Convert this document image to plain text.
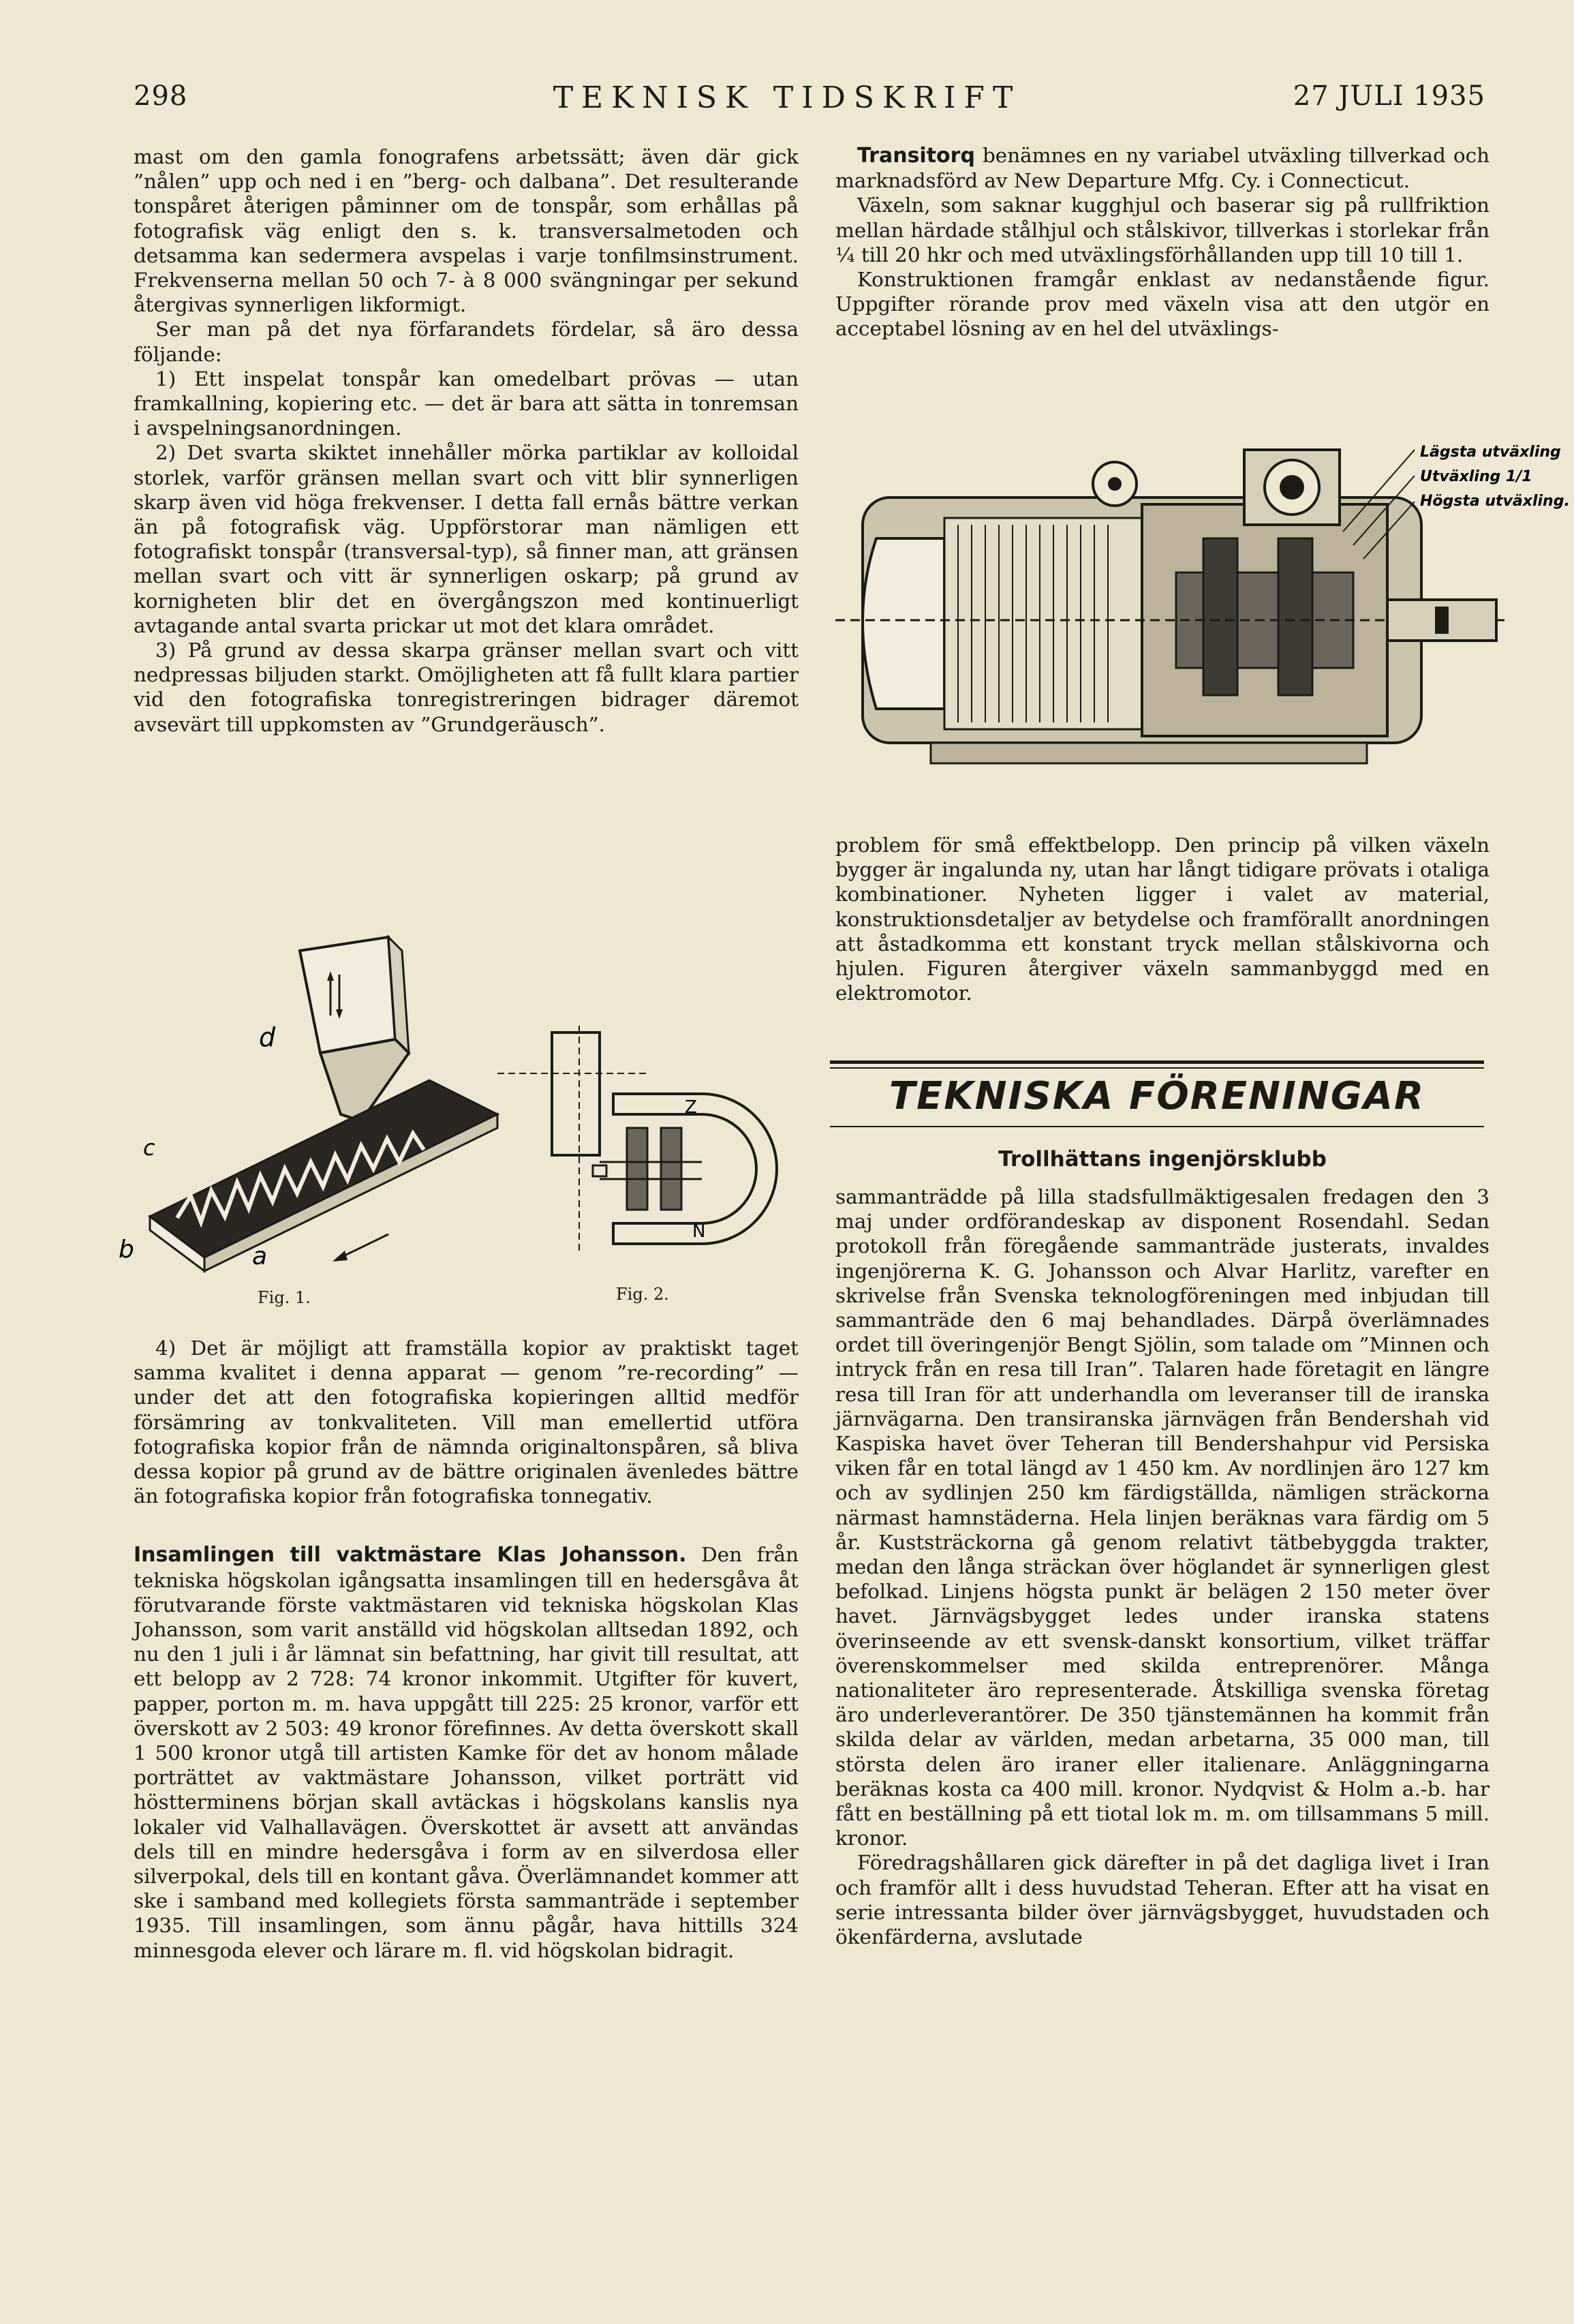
298	TEKNISK TIDSKRIFT	27 JULI 1935

mast om den gamla fonografens arbetssätt; även där gick ”nålen” upp och ned i en ”berg- och dalbana”. Det resulterande tonspåret återigen påminner om de tonspår, som erhållas på fotografisk väg enligt den s. k. transversalmetoden och detsamma kan sedermera avspelas i varje tonfilmsinstrument. Frekvenserna mellan 50 och 7- à 8 000 svängningar per sekund återgivas synnerligen likformigt.

Ser man på det nya förfarandets fördelar, så äro dessa följande:

1) Ett inspelat tonspår kan omedelbart prövas — utan framkallning, kopiering etc. — det är bara att sätta in tonremsan i avspelningsanordningen.

2) Det svarta skiktet innehåller mörka partiklar av kolloidal storlek, varför gränsen mellan svart och vitt blir synnerligen skarp även vid höga frekvenser. I detta fall ernås bättre verkan än på fotografisk väg. Uppförstorar man nämligen ett fotografiskt tonspår (transversal-typ), så finner man, att gränsen mellan svart och vitt är synnerligen oskarp; på grund av kornigheten blir det en övergångszon med kontinuerligt avtagande antal svarta prickar ut mot det klara området.

3) På grund av dessa skarpa gränser mellan svart och vitt nedpressas biljuden starkt. Omöjligheten att få fullt klara partier vid den fotografiska tonregistreringen bidrager däremot avsevärt till uppkomsten av ”Grundgeräusch”.

d
c
b	a
Z
N
Fig. 1.	Fig. 2.

4) Det är möjligt att framställa kopior av praktiskt taget samma kvalitet i denna apparat — genom ”re-recording” — under det att den fotografiska kopieringen alltid medför försämring av tonkvaliteten. Vill man emellertid utföra fotografiska kopior från de nämnda originaltonspåren, så bliva dessa kopior på grund av de bättre originalen ävenledes bättre än fotografiska kopior från fotografiska tonnegativ.

Insamlingen till vaktmästare Klas Johansson. Den från tekniska högskolan igångsatta insamlingen till en hedersgåva åt förutvarande förste vaktmästaren vid tekniska högskolan Klas Johansson, som varit anställd vid högskolan alltsedan 1892, och nu den 1 juli i år lämnat sin befattning, har givit till resultat, att ett belopp av 2 728: 74 kronor inkommit. Utgifter för kuvert, papper, porton m. m. hava uppgått till 225: 25 kronor, varför ett överskott av 2 503: 49 kronor förefinnes. Av detta överskott skall 1 500 kronor utgå till artisten Kamke för det av honom målade porträttet av vaktmästare Johansson, vilket porträtt vid höstterminens början skall avtäckas i högskolans kanslis nya lokaler vid Valhallavägen. Överskottet är avsett att användas dels till en mindre hedersgåva i form av en silverdosa eller silverpokal, dels till en kontant gåva. Överlämnandet kommer att ske i samband med kollegiets första sammanträde i september 1935. Till insamlingen, som ännu pågår, hava hittills 324 minnesgoda elever och lärare m. fl. vid högskolan bidragit.

Transitorq benämnes en ny variabel utväxling tillverkad och marknadsförd av New Departure Mfg. Cy. i Connecticut.

Växeln, som saknar kugghjul och baserar sig på rullfriktion mellan härdade stålhjul och stålskivor, tillverkas i storlekar från ¼ till 20 hkr och med utväxlingsförhållanden upp till 10 till 1.

Konstruktionen framgår enklast av nedanstående figur. Uppgifter rörande prov med växeln visa att den utgör en acceptabel lösning av en hel del utväxlings-

Lägsta utväxling
Utväxling 1/1
Högsta utväxling.

problem för små effektbelopp. Den princip på vilken växeln bygger är ingalunda ny, utan har långt tidigare prövats i otaliga kombinationer. Nyheten ligger i valet av material, konstruktionsdetaljer av betydelse och framförallt anordningen att åstadkomma ett konstant tryck mellan stålskivorna och hjulen. Figuren återgiver växeln sammanbyggd med en elektromotor.

TEKNISKA FÖRENINGAR
Trollhättans ingenjörsklubb

sammanträdde på lilla stadsfullmäktigesalen fredagen den 3 maj under ordförandeskap av disponent Rosendahl. Sedan protokoll från föregående sammanträde justerats, invaldes ingenjörerna K. G. Johansson och Alvar Harlitz, varefter en skrivelse från Svenska teknologföreningen med inbjudan till sammanträde den 6 maj behandlades. Därpå överlämnades ordet till överingenjör Bengt Sjölin, som talade om ”Minnen och intryck från en resa till Iran”. Talaren hade företagit en längre resa till Iran för att underhandla om leveranser till de iranska järnvägarna. Den transiranska järnvägen från Bendershah vid Kaspiska havet över Teheran till Bendershahpur vid Persiska viken får en total längd av 1 450 km. Av nordlinjen äro 127 km och av sydlinjen 250 km färdigställda, nämligen sträckorna närmast hamnstäderna. Hela linjen beräknas vara färdig om 5 år. Kuststräckorna gå genom relativt tätbebyggda trakter, medan den långa sträckan över höglandet är synnerligen glest befolkad. Linjens högsta punkt är belägen 2 150 meter över havet. Järnvägsbygget ledes under iranska statens överinseende av ett svensk-danskt konsortium, vilket träffar överenskommelser med skilda entreprenörer. Många nationaliteter äro representerade. Åtskilliga svenska företag äro underleverantörer. De 350 tjänstemännen ha kommit från skilda delar av världen, medan arbetarna, 35 000 man, till största delen äro iraner eller italienare. Anläggningarna beräknas kosta ca 400 mill. kronor. Nydqvist & Holm a.-b. har fått en beställning på ett tiotal lok m. m. om tillsammans 5 mill. kronor.

Föredragshållaren gick därefter in på det dagliga livet i Iran och framför allt i dess huvudstad Teheran. Efter att ha visat en serie intressanta bilder över järnvägsbygget, huvudstaden och ökenfärderna, avslutade
